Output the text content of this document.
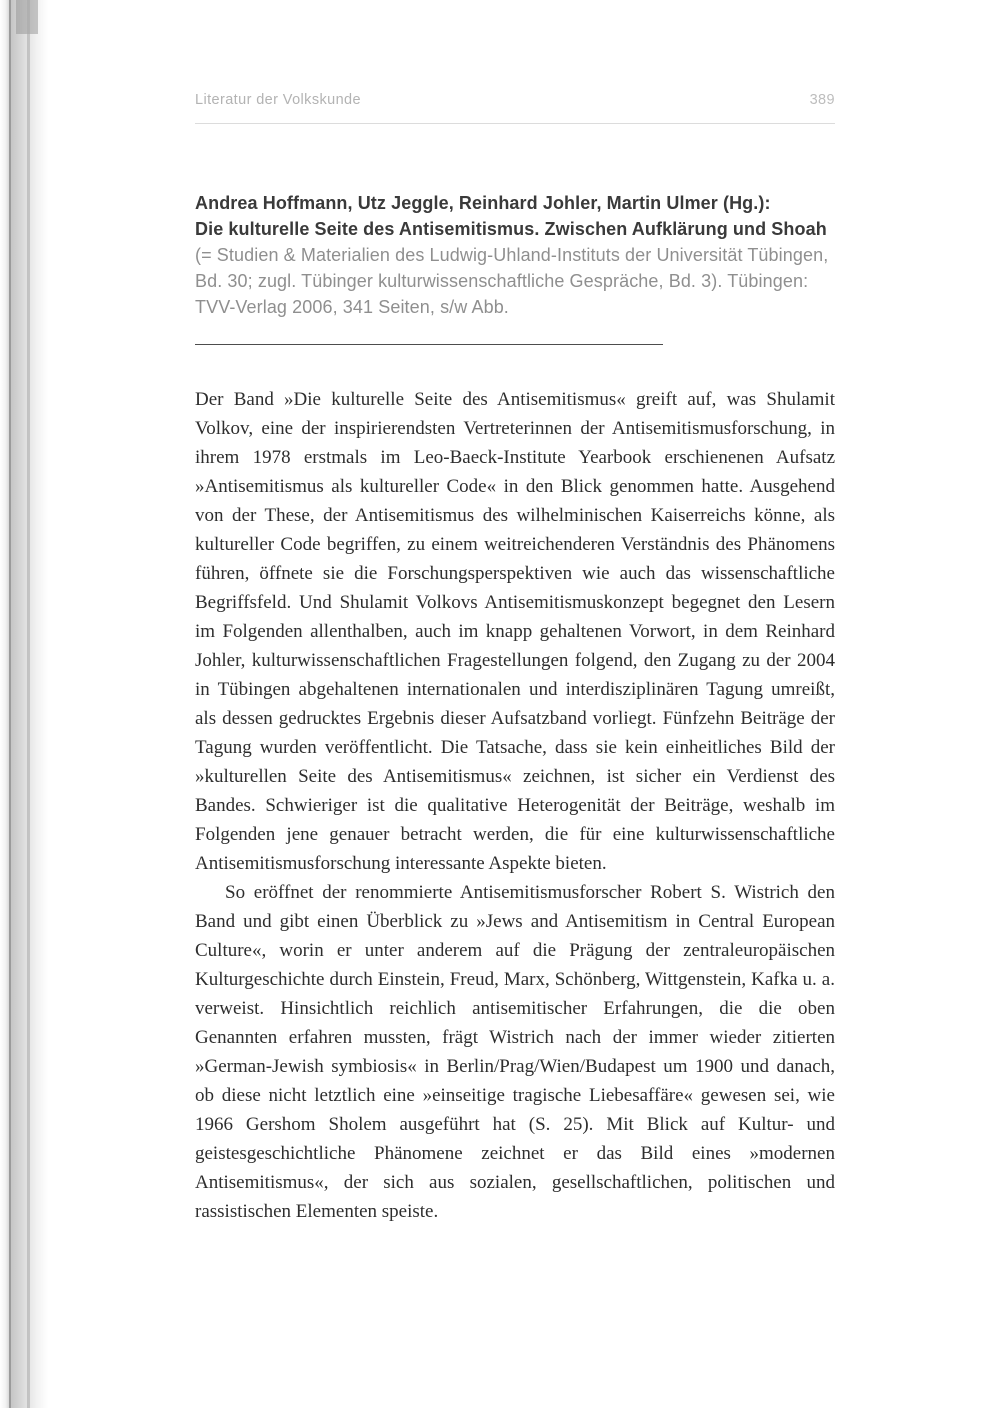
Literatur der Volkskunde	389

Andrea Hoffmann, Utz Jeggle, Reinhard Johler, Martin Ulmer (Hg.):

Die kulturelle Seite des Antisemitismus. Zwischen Aufklärung und Shoah

(= Studien & Materialien des Ludwig-Uhland-Instituts der Universität Tübingen, Bd. 30; zugl. Tübinger kulturwissenschaftliche Gespräche, Bd. 3). Tübingen: TVV-Verlag 2006, 341 Seiten, s/w Abb.

Der Band »Die kulturelle Seite des Antisemitismus« greift auf, was Shulamit Volkov, eine der inspirierendsten Vertreterinnen der Antisemitismusforschung, in ihrem 1978 erstmals im Leo-Baeck-Institute Yearbook erschienenen Aufsatz »Antisemitismus als kultureller Code« in den Blick genommen hatte. Ausgehend von der These, der Antisemitismus des wilhelminischen Kaiserreichs könne, als kultureller Code begriffen, zu einem weitreichenderen Verständnis des Phänomens führen, öffnete sie die Forschungsperspektiven wie auch das wissenschaftliche Begriffsfeld. Und Shulamit Volkovs Antisemitismuskonzept begegnet den Lesern im Folgenden allenthalben, auch im knapp gehaltenen Vorwort, in dem Reinhard Johler, kulturwissenschaftlichen Fragestellungen folgend, den Zugang zu der 2004 in Tübingen abgehaltenen internationalen und interdisziplinären Tagung umreißt, als dessen gedrucktes Ergebnis dieser Aufsatzband vorliegt. Fünfzehn Beiträge der Tagung wurden veröffentlicht. Die Tatsache, dass sie kein einheitliches Bild der »kulturellen Seite des Antisemitismus« zeichnen, ist sicher ein Verdienst des Bandes. Schwieriger ist die qualitative Heterogenität der Beiträge, weshalb im Folgenden jene genauer betracht werden, die für eine kulturwissenschaftliche Antisemitismusforschung interessante Aspekte bieten.

So eröffnet der renommierte Antisemitismusforscher Robert S. Wistrich den Band und gibt einen Überblick zu »Jews and Antisemitism in Central European Culture«, worin er unter anderem auf die Prägung der zentraleuropäischen Kulturgeschichte durch Einstein, Freud, Marx, Schönberg, Wittgenstein, Kafka u. a. verweist. Hinsichtlich reichlich antisemitischer Erfahrungen, die die oben Genannten erfahren mussten, frägt Wistrich nach der immer wieder zitierten »German-Jewish symbiosis« in Berlin/Prag/Wien/Budapest um 1900 und danach, ob diese nicht letztlich eine »einseitige tragische Liebesaffäre« gewesen sei, wie 1966 Gershom Sholem ausgeführt hat (S. 25). Mit Blick auf Kultur- und geistesgeschichtliche Phänomene zeichnet er das Bild eines »modernen Antisemitismus«, der sich aus sozialen, gesellschaftlichen, politischen und rassistischen Elementen speiste.
